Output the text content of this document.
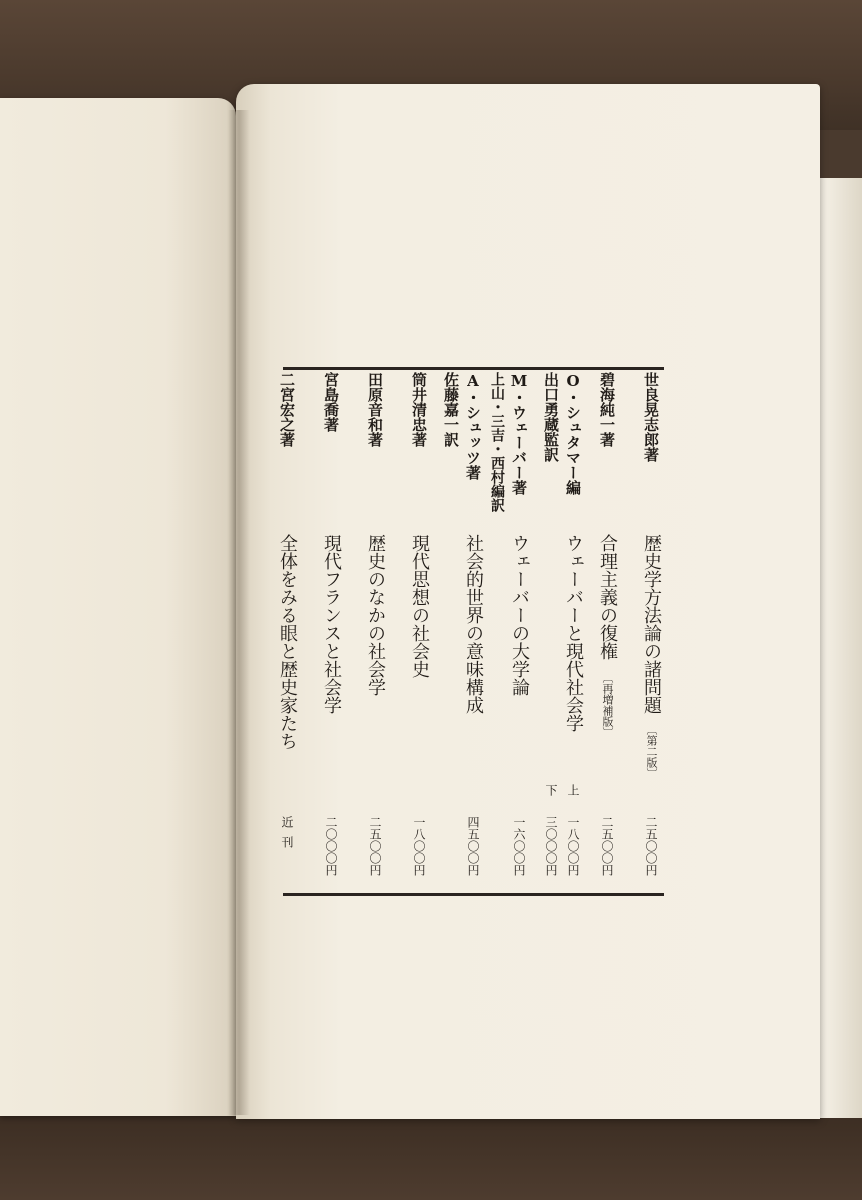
世良晃志郎著
歴史学方法論の諸問題
〔第二版〕
二五〇〇円
碧海純一著
合理主義の復権
〔再増補版〕
二五〇〇円
O・シュタマー編
ウェーバーと現代社会学
上
一八〇〇円
出口勇蔵監訳
下
三〇〇〇円
M・ウェーバー著
ウェーバーの大学論
一六〇〇円
上山・三吉・西村編訳
A・シュッツ著
社会的世界の意味構成
四五〇〇円
佐藤嘉一訳
筒井清忠著
現代思想の社会史
一八〇〇円
田原音和著
歴史のなかの社会学
二五〇〇円
宮島喬著
現代フランスと社会学
二〇〇〇円
二宮宏之著
全体をみる眼と歴史家たち
近刊
